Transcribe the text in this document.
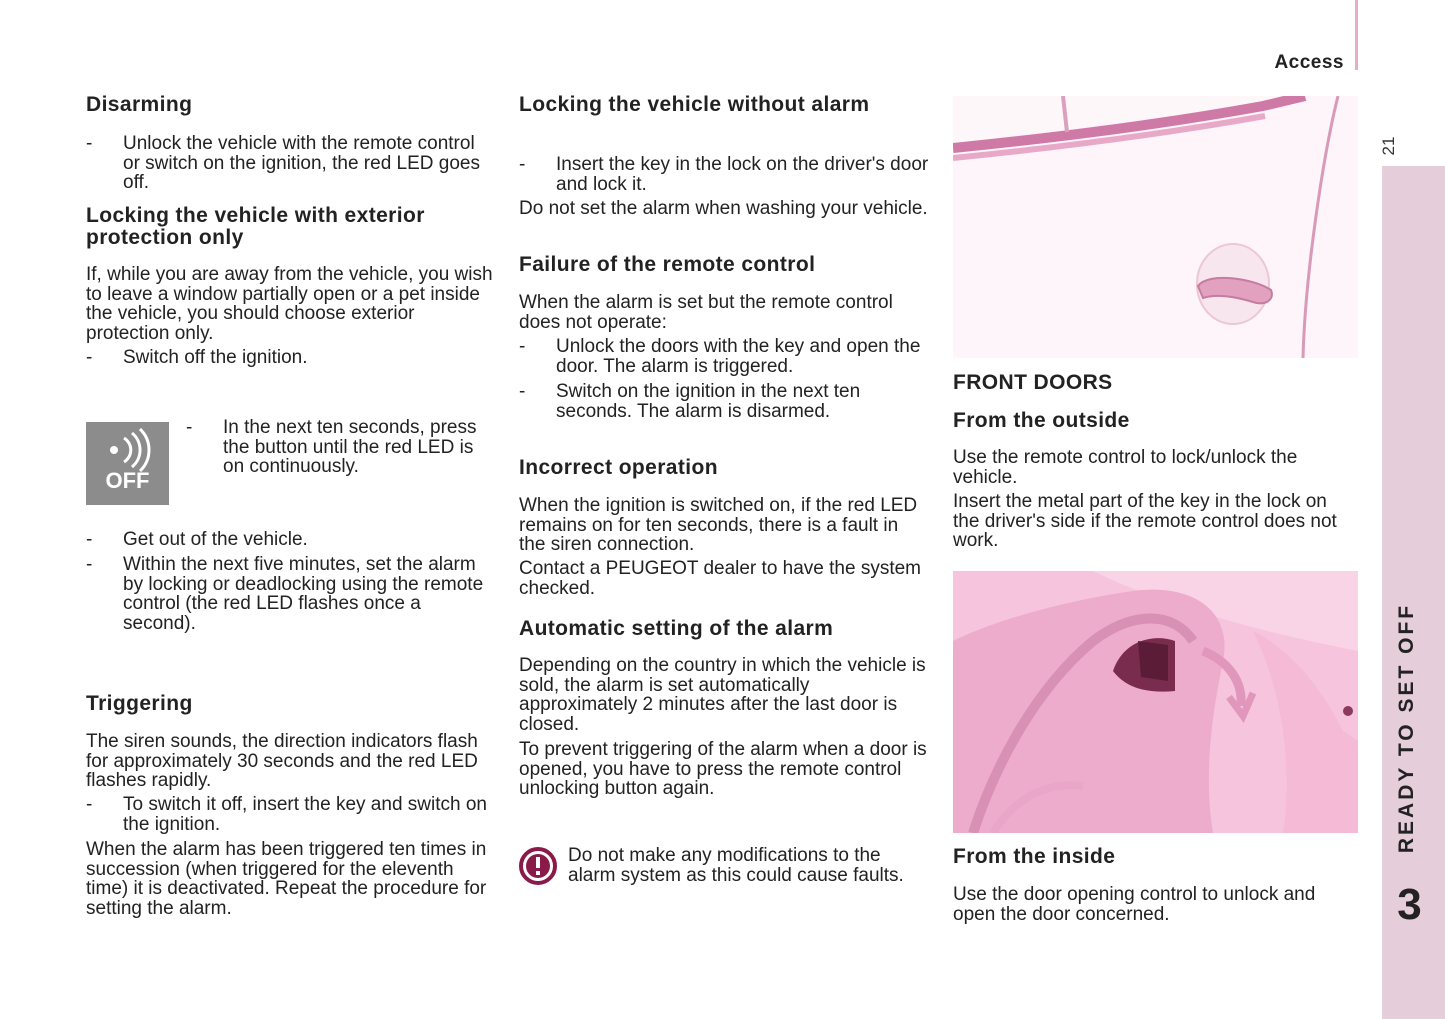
Access
21
READY TO SET OFF
3
Disarming
-	Unlock the vehicle with the remote control or switch on the ignition, the red LED goes off.
Locking the vehicle with exterior protection only

If, while you are away from the vehicle, you wish to leave a window partially open or a pet inside the vehicle, you should choose exterior protection only.

-	Switch off the ignition.
OFF
-	In the next ten seconds, press the button until the red LED is on continuously.
-	Get out of the vehicle.
-	Within the next five minutes, set the alarm by locking or deadlocking using the remote control (the red LED flashes once a second).
Triggering

The siren sounds, the direction indicators flash for approximately 30 seconds and the red LED flashes rapidly.

-	To switch it off, insert the key and switch on the ignition.

When the alarm has been triggered ten times in succession (when triggered for the eleventh time) it is deactivated. Repeat the procedure for setting the alarm.

Locking the vehicle without alarm
-	Insert the key in the lock on the driver's door and lock it.

Do not set the alarm when washing your vehicle.

Failure of the remote control

When the alarm is set but the remote control does not operate:

-	Unlock the doors with the key and open the door. The alarm is triggered.
-	Switch on the ignition in the next ten seconds. The alarm is disarmed.
Incorrect operation

When the ignition is switched on, if the red LED remains on for ten seconds, there is a fault in the siren connection.

Contact a PEUGEOT dealer to have the system checked.

Automatic setting of the alarm

Depending on the country in which the vehicle is sold, the alarm is set automatically approximately 2 minutes after the last door is closed.

To prevent triggering of the alarm when a door is opened, you have to press the remote control unlocking button again.

Do not make any modifications to the alarm system as this could cause faults.

FRONT DOORS
From the outside

Use the remote control to lock/unlock the vehicle.

Insert the metal part of the key in the lock on the driver's side if the remote control does not work.

From the inside

Use the door opening control to unlock and open the door concerned.
